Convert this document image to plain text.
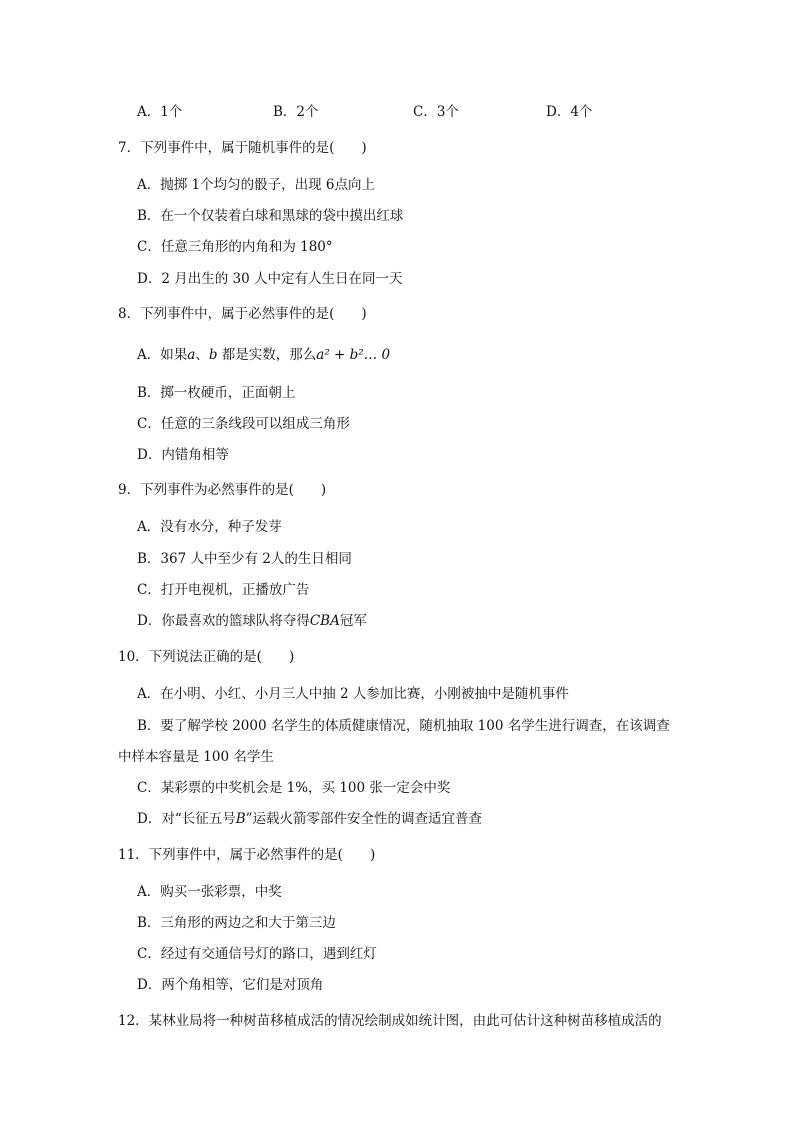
A．1个	B．2个	C．3个	D．4个
7．下列事件中，属于随机事件的是(　　)
A．抛掷 1个均匀的骰子，出现 6点向上
B．在一个仅装着白球和黑球的袋中摸出红球
C．任意三角形的内角和为 180°
D．2 月出生的 30 人中定有人生日在同一天
8．下列事件中，属于必然事件的是(　　)
A．如果a、b 都是实数，那么a² + b²… 0
B．掷一枚硬币，正面朝上
C．任意的三条线段可以组成三角形
D．内错角相等
9．下列事件为必然事件的是(　　)
A．没有水分，种子发芽
B．367 人中至少有 2人的生日相同
C．打开电视机，正播放广告
D．你最喜欢的篮球队将夺得CBA冠军
10．下列说法正确的是(　　)
A．在小明、小红、小月三人中抽 2 人参加比赛，小刚被抽中是随机事件
B．要了解学校 2000 名学生的体质健康情况，随机抽取 100 名学生进行调查，在该调查
中样本容量是 100 名学生
C．某彩票的中奖机会是 1%，买 100 张一定会中奖
D．对“长征五号B”运载火箭零部件安全性的调查适宜普查
11．下列事件中，属于必然事件的是(　　)
A．购买一张彩票，中奖
B．三角形的两边之和大于第三边
C．经过有交通信号灯的路口，遇到红灯
D．两个角相等，它们是对顶角
12．某林业局将一种树苗移植成活的情况绘制成如统计图，由此可估计这种树苗移植成活的
